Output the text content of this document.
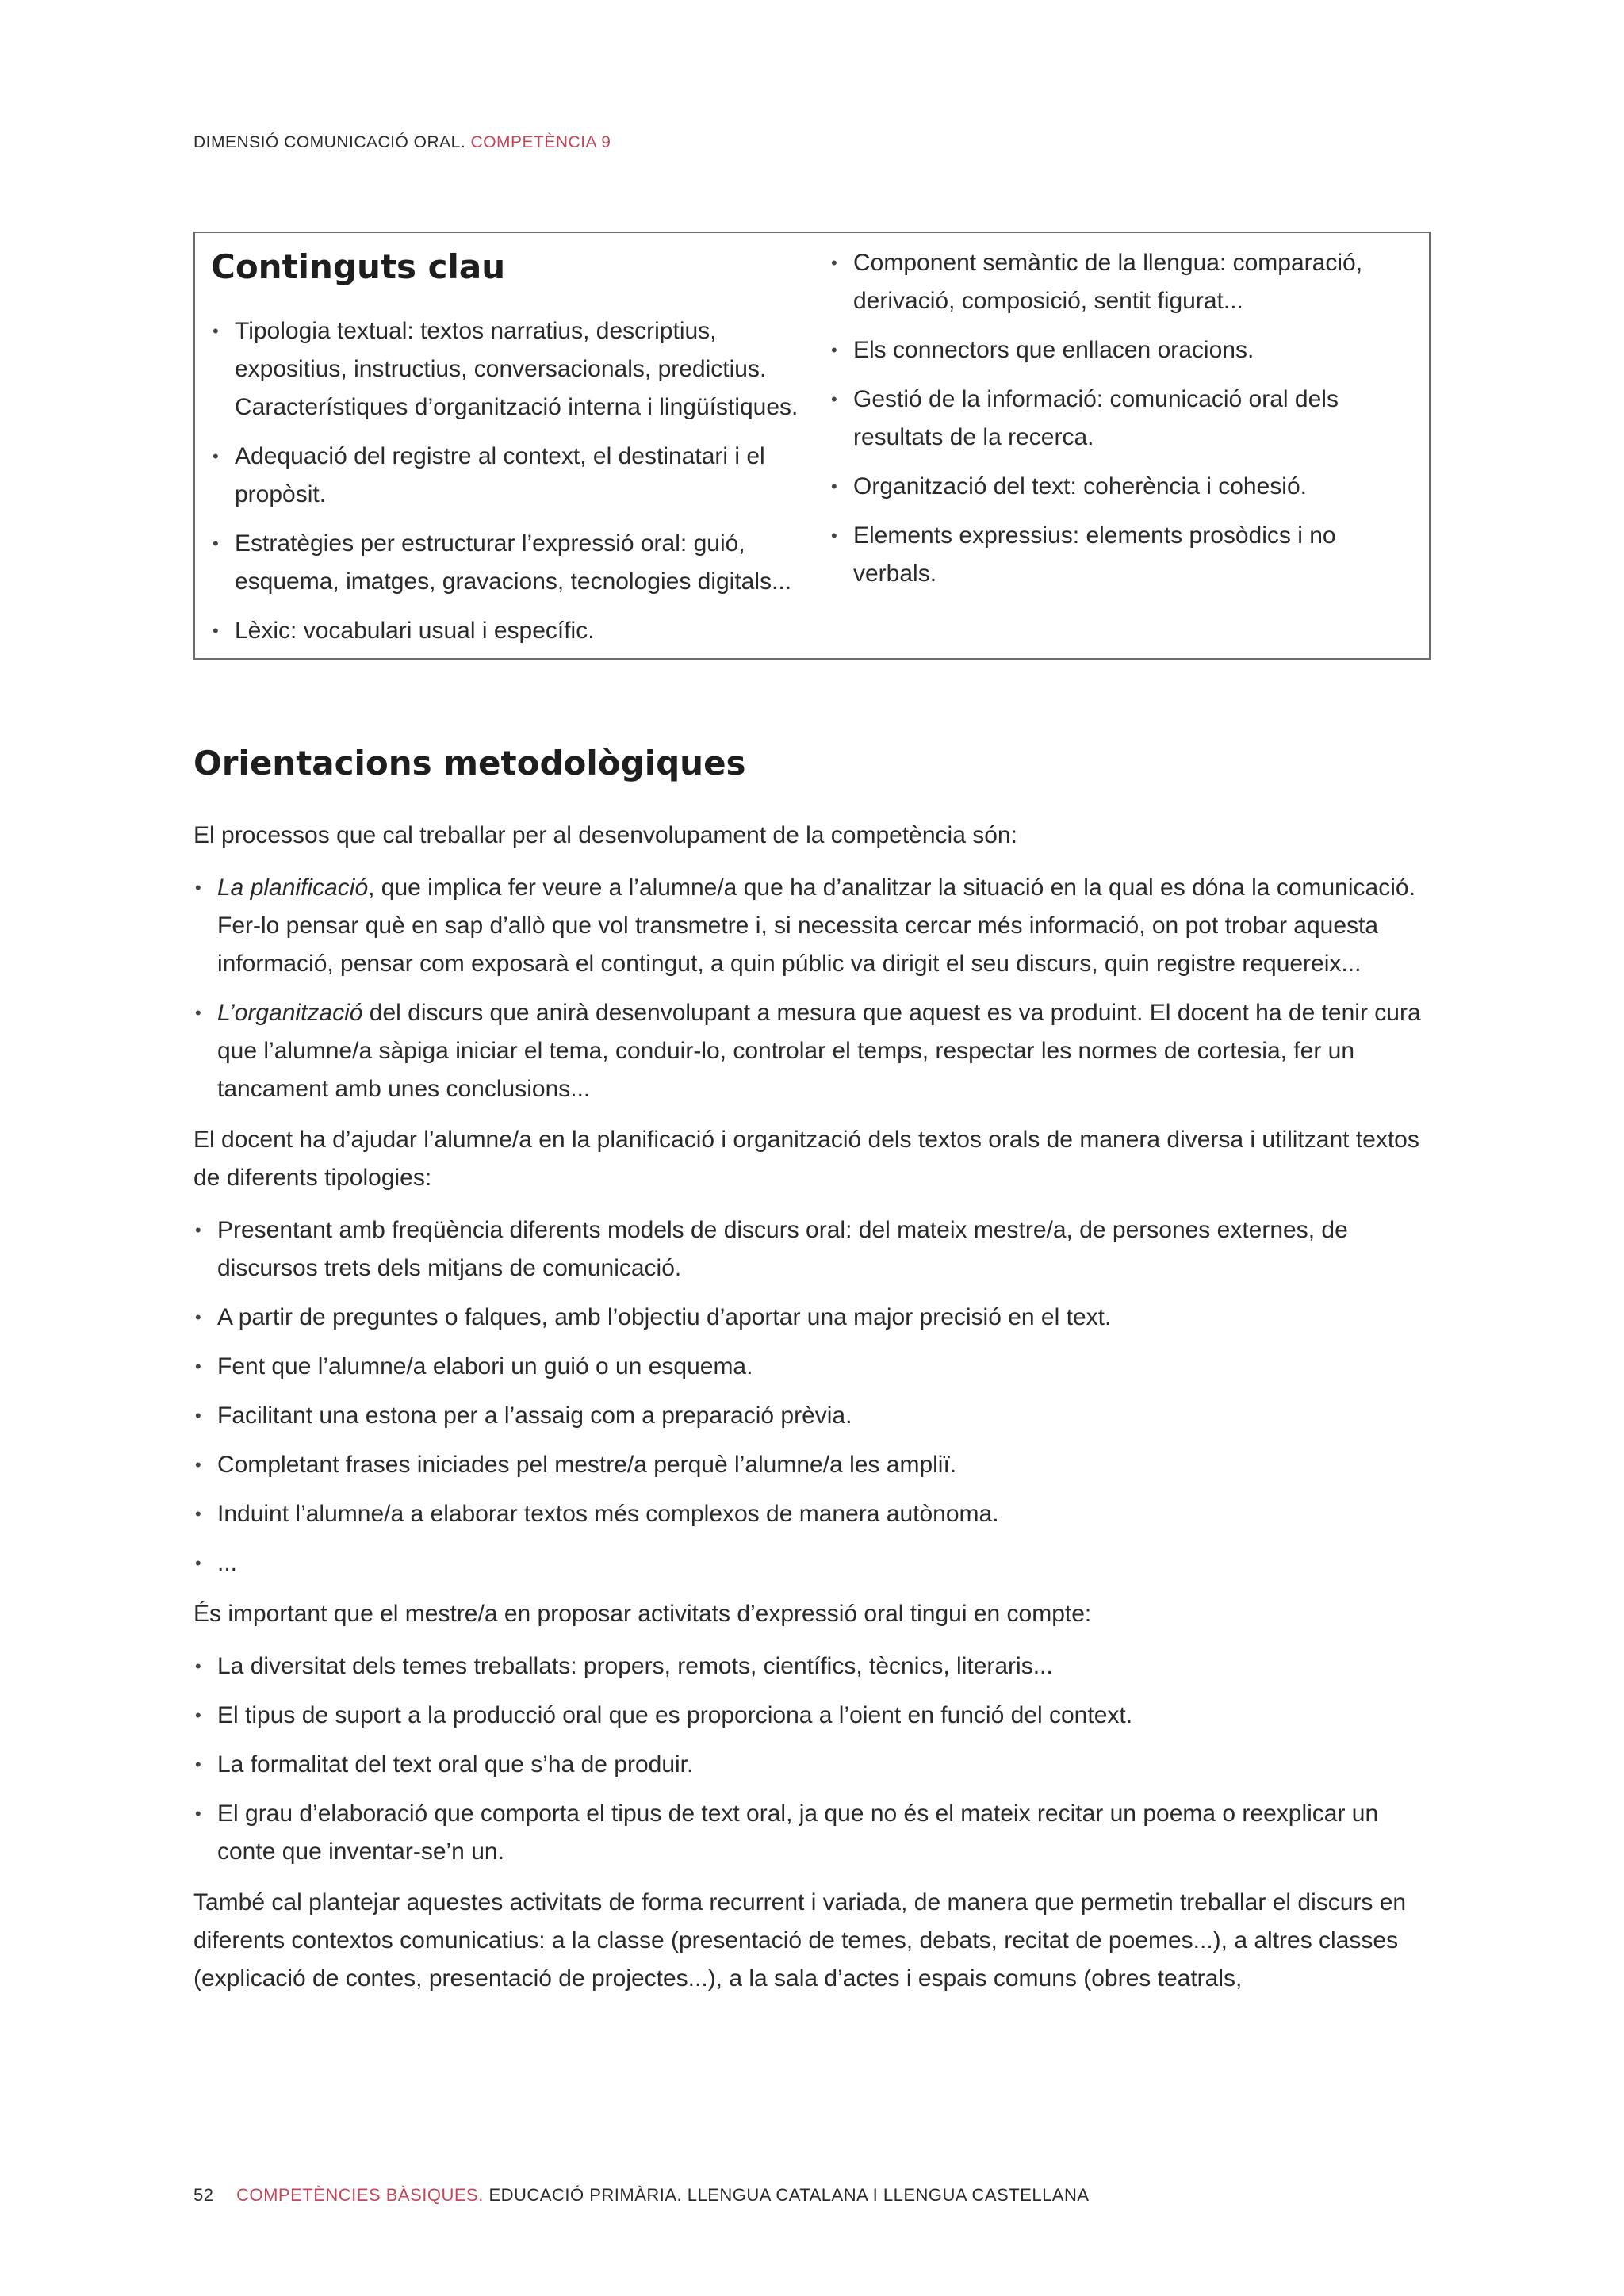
DIMENSIÓ COMUNICACIÓ ORAL. COMPETÈNCIA 9
Continguts clau
• Tipologia textual: textos narratius, descriptius, expositius, instructius, conversacionals, predictius. Característiques d’organització interna i lingüístiques.
• Adequació del registre al context, el destinatari i el propòsit.
• Estratègies per estructurar l’expressió oral: guió, esquema, imatges, gravacions, tecnologies digitals...
• Lèxic: vocabulari usual i específic.
• Component semàntic de la llengua: comparació, derivació, composició, sentit figurat...
• Els connectors que enllacen oracions.
• Gestió de la informació: comunicació oral dels resultats de la recerca.
• Organització del text: coherència i cohesió.
• Elements expressius: elements prosòdics i no verbals.
Orientacions metodològiques

El processos que cal treballar per al desenvolupament de la competència són:

• La planificació, que implica fer veure a l’alumne/a que ha d’analitzar la situació en la qual es dóna la comunicació. Fer-lo pensar què en sap d’allò que vol transmetre i, si necessita cercar més informació, on pot trobar aquesta informació, pensar com exposarà el contingut, a quin públic va dirigit el seu discurs, quin registre requereix...
• L’organització del discurs que anirà desenvolupant a mesura que aquest es va produint. El docent ha de tenir cura que l’alumne/a sàpiga iniciar el tema, conduir-lo, controlar el temps, respectar les normes de cortesia, fer un tancament amb unes conclusions...

El docent ha d’ajudar l’alumne/a en la planificació i organització dels textos orals de manera diversa i utilitzant textos de diferents tipologies:

• Presentant amb freqüència diferents models de discurs oral: del mateix mestre/a, de persones externes, de discursos trets dels mitjans de comunicació.
• A partir de preguntes o falques, amb l’objectiu d’aportar una major precisió en el text.
• Fent que l’alumne/a elabori un guió o un esquema.
• Facilitant una estona per a l’assaig com a preparació prèvia.
• Completant frases iniciades pel mestre/a perquè l’alumne/a les ampliï.
• Induint l’alumne/a a elaborar textos més complexos de manera autònoma.
• ...

És important que el mestre/a en proposar activitats d’expressió oral tingui en compte:

• La diversitat dels temes treballats: propers, remots, científics, tècnics, literaris...
• El tipus de suport a la producció oral que es proporciona a l’oient en funció del context.
• La formalitat del text oral que s’ha de produir.
• El grau d’elaboració que comporta el tipus de text oral, ja que no és el mateix recitar un poema o reexplicar un conte que inventar-se’n un.

També cal plantejar aquestes activitats de forma recurrent i variada, de manera que permetin treballar el discurs en diferents contextos comunicatius: a la classe (presentació de temes, debats, recitat de poemes...), a altres classes (explicació de contes, presentació de projectes...), a la sala d’actes i espais comuns (obres teatrals,

52 COMPETÈNCIES BÀSIQUES. EDUCACIÓ PRIMÀRIA. LLENGUA CATALANA I LLENGUA CASTELLANA
